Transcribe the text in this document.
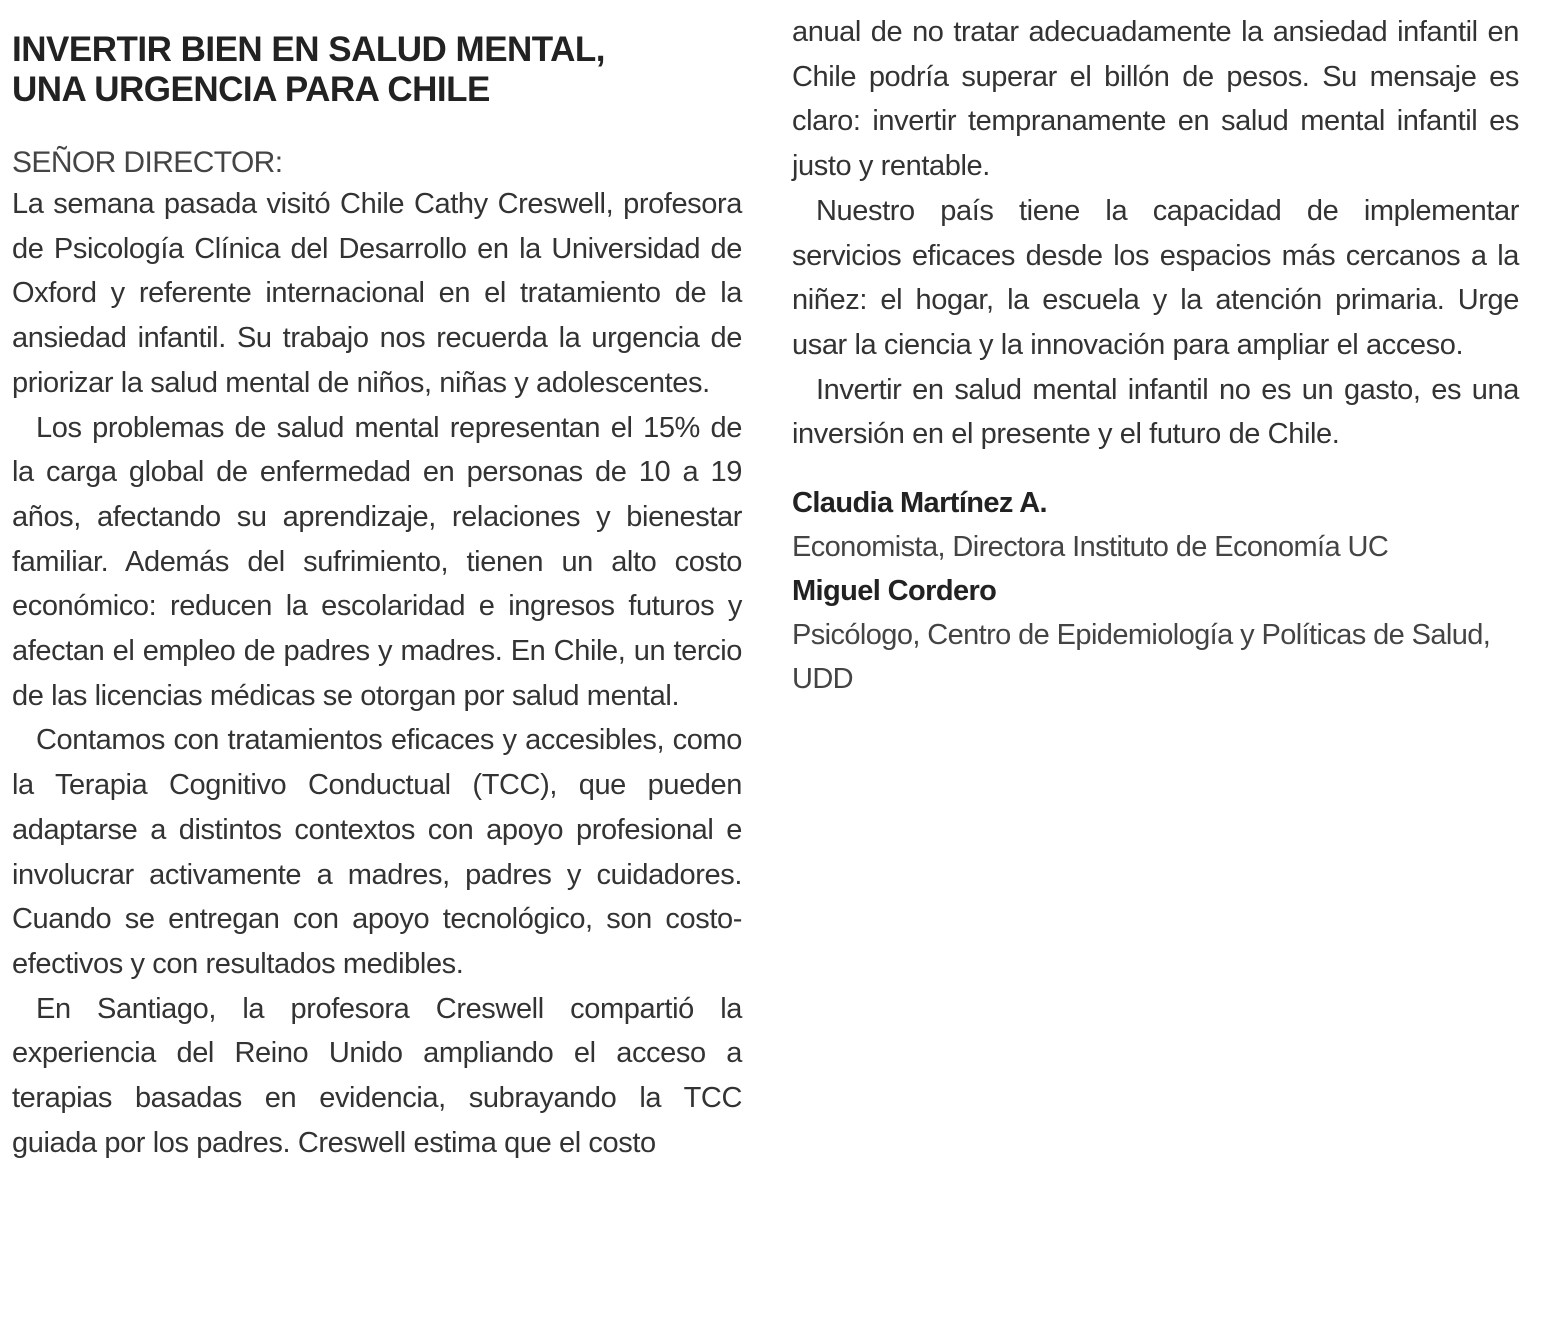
INVERTIR BIEN EN SALUD MENTAL,
UNA URGENCIA PARA CHILE

SEÑOR DIRECTOR:

La semana pasada visitó Chile Cathy Creswell, profesora de Psicología Clínica del Desarrollo en la Universidad de Oxford y referente internacional en el tratamiento de la ansiedad infantil. Su trabajo nos recuerda la urgencia de priorizar la salud mental de niños, niñas y adolescentes.

Los problemas de salud mental representan el 15% de la carga global de enfermedad en personas de 10 a 19 años, afectando su aprendizaje, relaciones y bienestar familiar. Además del sufrimiento, tienen un alto costo económico: reducen la escolaridad e ingresos futuros y afectan el empleo de padres y madres. En Chile, un tercio de las licencias médicas se otorgan por salud mental.

Contamos con tratamientos eficaces y accesibles, como la Terapia Cognitivo Conductual (TCC), que pueden adaptarse a distintos contextos con apoyo profesional e involucrar activamente a madres, padres y cuidadores. Cuando se entregan con apoyo tecnológico, son costo-efectivos y con resultados medibles.

En Santiago, la profesora Creswell compartió la experiencia del Reino Unido ampliando el acceso a terapias basadas en evidencia, subrayando la TCC guiada por los padres. Creswell estima que el costo

anual de no tratar adecuadamente la ansiedad infantil en Chile podría superar el billón de pesos. Su mensaje es claro: invertir tempranamente en salud mental infantil es justo y rentable.

Nuestro país tiene la capacidad de implementar servicios eficaces desde los espacios más cercanos a la niñez: el hogar, la escuela y la atención primaria. Urge usar la ciencia y la innovación para ampliar el acceso.

Invertir en salud mental infantil no es un gasto, es una inversión en el presente y el futuro de Chile.

Claudia Martínez A.

Economista, Directora Instituto de Economía UC

Miguel Cordero

Psicólogo, Centro de Epidemiología y Políticas de Salud, UDD
